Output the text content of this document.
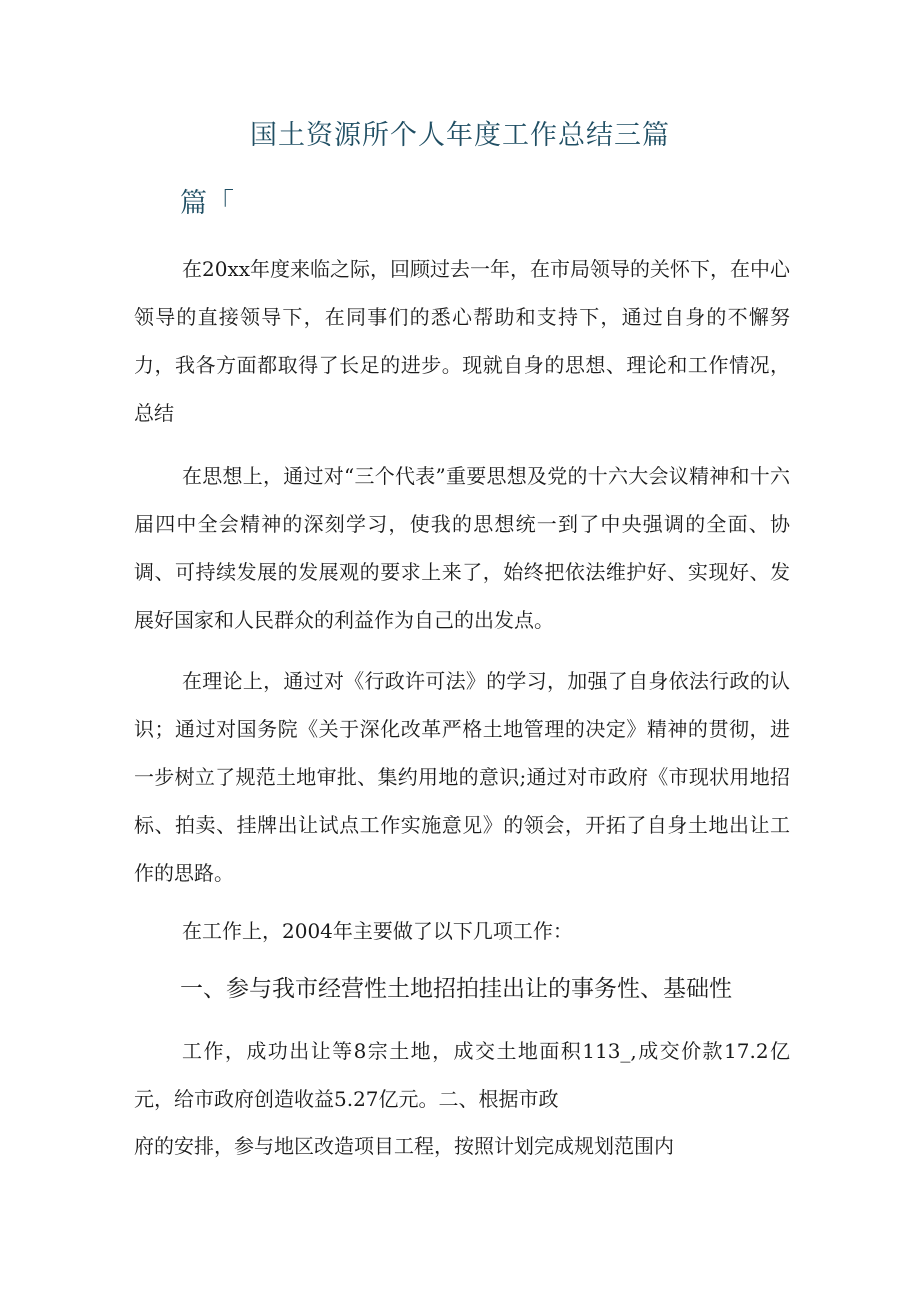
国土资源所个人年度工作总结三篇
篇「

在20xx年度来临之际，回顾过去一年，在市局领导的关怀下，在中心领导的直接领导下，在同事们的悉心帮助和支持下，通过自身的不懈努力，我各方面都取得了长足的进步。现就自身的思想、理论和工作情况，总结

在思想上，通过对“三个代表”重要思想及党的十六大会议精神和十六届四中全会精神的深刻学习，使我的思想统一到了中央强调的全面、协调、可持续发展的发展观的要求上来了，始终把依法维护好、实现好、发展好国家和人民群众的利益作为自己的出发点。

在理论上，通过对《行政许可法》的学习，加强了自身依法行政的认识；通过对国务院《关于深化改革严格土地管理的决定》精神的贯彻，进一步树立了规范土地审批、集约用地的意识;通过对市政府《市现状用地招标、拍卖、挂牌出让试点工作实施意见》的领会，开拓了自身土地出让工作的思路。

在工作上，2004年主要做了以下几项工作：

一、参与我市经营性土地招拍挂出让的事务性、基础性

工作，成功出让等8宗土地，成交土地面积113_,成交价款17.2亿元，给市政府创造收益5.27亿元。二、根据市政

府的安排，参与地区改造项目工程，按照计划完成规划范围内
